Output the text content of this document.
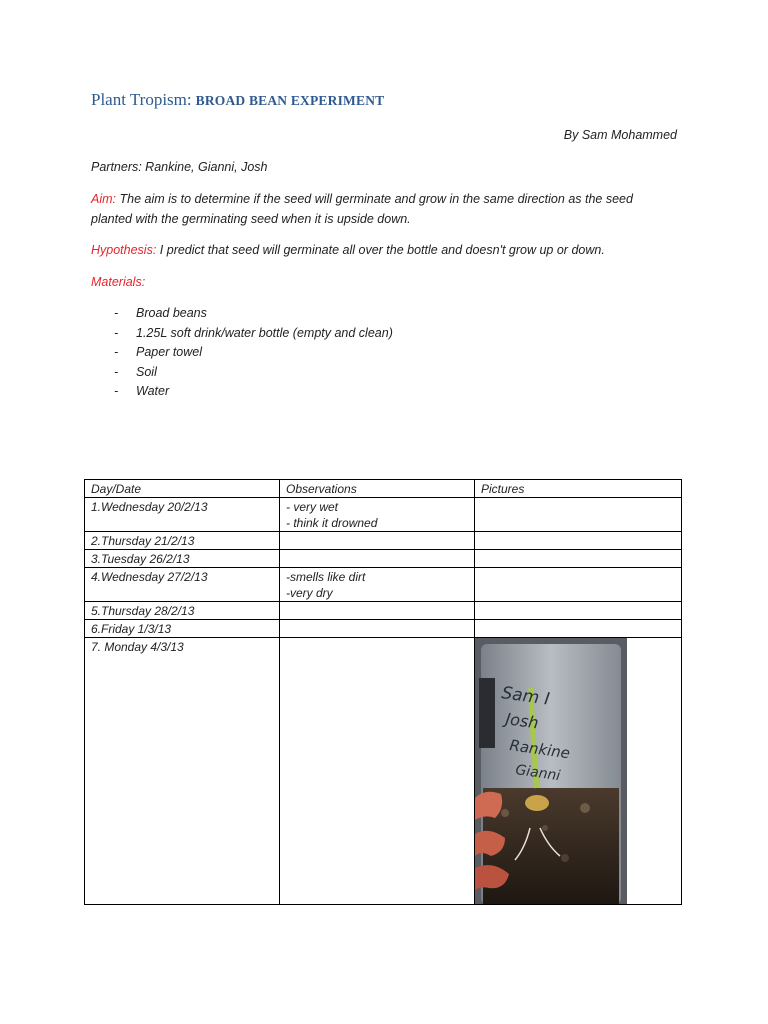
Plant Tropism: BROAD BEAN EXPERIMENT
By Sam Mohammed
Partners: Rankine, Gianni, Josh
Aim: The aim is to determine if the seed will germinate and grow in the same direction as the seed
planted with the germinating seed when it is upside down.
Hypothesis: I predict that seed will germinate all over the bottle and doesn't grow up or down.
Materials:
- Broad beans
- 1.25L soft drink/water bottle (empty and clean)
- Paper towel
- Soil
- Water
Day/Date	Observations	Pictures
1.Wednesday 20/2/13	- very wet
- think it drowned	

2.Thursday 21/2/13		
3.Tuesday 26/2/13		
4.Wednesday 27/2/13	-smells like dirt
-very dry	

5.Thursday 28/2/13		
6.Friday 1/3/13		
7. Monday 4/3/13		Sam I
Josh
Rankine
Gianni
